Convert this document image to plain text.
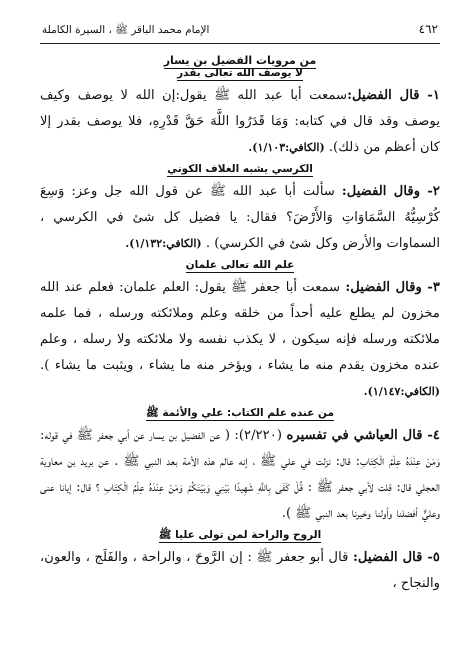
٤٦٢
الإمام محمد الباقر ﷺ ، السيرة الكاملة
من مرويات الفضيل بن يسار
لا يوصف الله تعالى بقدر

١- قال الفضيل:سمعت أبا عبد الله ﷺ يقول:إن الله لا يوصف وكيف يوصف وقد قال في كتابه: وَمَا قَدَرُوا اللَّهَ حَقَّ قَدْرِهِ، فلا يوصف بقدر إلا كان أعظم من ذلك). (الكافي:١/١٠٣).

الكرسي يشبه الغلاف الكوني

٢- وقال الفضيل: سألت أبا عبد الله ﷺ عن قول الله جل وعز: وَسِعَ كُرْسِيُّهُ السَّمَاوَاتِ وَالأَرْضَ؟ فقال: يا فضيل كل شئ في الكرسي ، السماوات والأرض وكل شئ في الكرسي) . (الكافي:١/١٣٢).

علم الله تعالى علمان

٣- وقال الفضيل: سمعت أبا جعفر ﷺ يقول: العلم علمان: فعلم عند الله مخزون لم يطلع عليه أحداً من خلقه وعلم وملائكته ورسله ، فما علمه ملائكته ورسله فإنه سيكون ، لا يكذب نفسه ولا ملائكته ولا رسله ، وعلم عنده مخزون يقدم منه ما يشاء ، ويؤخر منه ما يشاء ، ويثبت ما يشاء ). (الكافي:١/١٤٧).

من عنده علم الكتاب: علي والأئمة ﷺ

٤- قال العياشي في تفسيره (٢/٢٢٠): ( عن الفضيل بن يسار عن أبي جعفر ﷺ في قوله: وَمَنْ عِنْدَهُ عِلْمُ الْكِتَابِ: قال: نزلت في علي ﷺ ، إنه عالم هذه الأمة بعد النبي ﷺ . عن بريد بن معاوية العجلي قال: قلت لأبي جعفر ﷺ : قُلْ كَفَى بِاللَّهِ شَهِيدًا بَيْنِي وَبَيْنَكُمْ وَمَنْ عِنْدَهُ عِلْمُ الْكِتَابِ ؟ قال: إيانا عنى وعليٌّ أفضلنا وأولنا وخيرنا بعد النبي ﷺ ).

الروح والراحة لمن تولى عليا ﷺ

٥- قال الفضيل: قال أبو جعفر ﷺ : إن الرَّوحَ ، والراحة ، والفَلَج ، والعون، والنجاح ،
